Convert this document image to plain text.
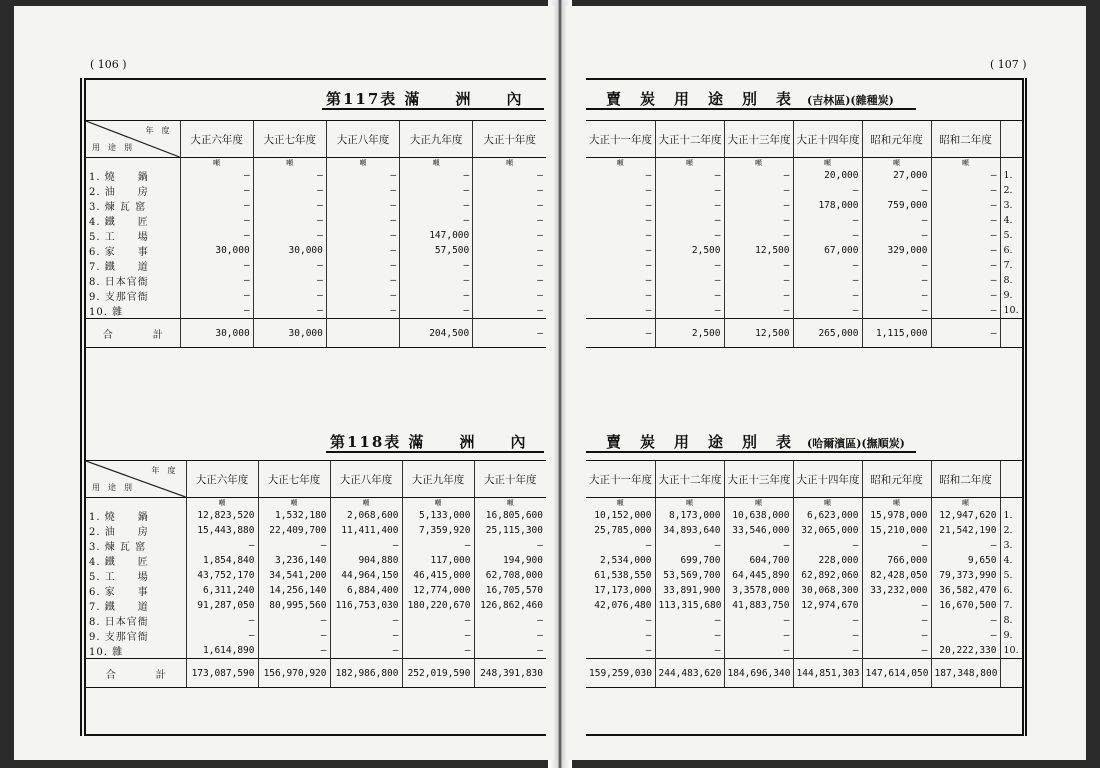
( 106 )
第117表 滿　　洲　　內
年　度
用　途　別	大正六年度	大正七年度	大正八年度	大正九年度	大正十年度
	噸	噸	噸	噸	噸
1. 燒　　鍋	—	—	—	—	—
2. 油　　房	—	—	—	—	—
3. 煉 瓦 窰	—	—	—	—	—
4. 鐵　　匠	—	—	—	—	—
5. 工　　場	—	—	—	147,000	—
6. 家　　事	30,000	30,000	—	57,500	—
7. 鐵　　道	—	—	—	—	—
8. 日本官衙	—	—	—	—	—
9. 支那官衙	—	—	—	—	—
10. 雜	—	—	—	—	—
合　　　　計	30,000	30,000		204,500	—
第118表 滿　　洲　　內
年　度
用　途　別	大正六年度	大正七年度	大正八年度	大正九年度	大正十年度
	噸	噸	噸	噸	噸
1. 燒　　鍋	12,823,520	1,532,180	2,068,600	5,133,000	16,805,600
2. 油　　房	15,443,880	22,409,700	11,411,400	7,359,920	25,115,300
3. 煉 瓦 窰	—	—	—	—	—
4. 鐵　　匠	1,854,840	3,236,140	904,880	117,000	194,900
5. 工　　場	43,752,170	34,541,200	44,964,150	46,415,000	62,708,000
6. 家　　事	6,311,240	14,256,140	6,884,400	12,774,000	16,705,570
7. 鐵　　道	91,287,050	80,995,560	116,753,030	180,220,670	126,862,460
8. 日本官衙	—	—	—	—	—
9. 支那官衙	—	—	—	—	—
10. 雜	1,614,890	—	—	—	—
合　　　　計	173,087,590	156,970,920	182,986,800	252,019,590	248,391,830
( 107 )
賣　炭　用　途　別　表 (吉林區)(雜種炭)
大正十一年度	大正十二年度	大正十三年度	大正十四年度	昭和元年度	昭和二年度	
噸	噸	噸	噸	噸	噸	
—	—	—	20,000	27,000	—	1.
—	—	—	—	—	—	2.
—	—	—	178,000	759,000	—	3.
—	—	—	—	—	—	4.
—	—	—	—	—	—	5.
—	2,500	12,500	67,000	329,000	—	6.
—	—	—	—	—	—	7.
—	—	—	—	—	—	8.
—	—	—	—	—	—	9.
—	—	—	—	—	—	10.
—	2,500	12,500	265,000	1,115,000	—	
賣　炭　用　途　別　表 (哈爾濱區)(撫順炭)
大正十一年度	大正十二年度	大正十三年度	大正十四年度	昭和元年度	昭和二年度	
噸	噸	噸	噸	噸	噸	
10,152,000	8,173,000	10,638,000	6,623,000	15,978,000	12,947,620	1.
25,785,000	34,893,640	33,546,000	32,065,000	15,210,000	21,542,190	2.
—	—	—	—	—	—	3.
2,534,000	699,700	604,700	228,000	766,000	9,650	4.
61,538,550	53,569,700	64,445,890	62,892,060	82,428,050	79,373,990	5.
17,173,000	33,891,900	3,3578,000	30,068,300	33,232,000	36,582,470	6.
42,076,480	113,315,680	41,883,750	12,974,670	—	16,670,500	7.
—	—	—	—	—	—	8.
—	—	—	—	—	—	9.
—	—	—	—	—	20,222,330	10.
159,259,030	244,483,620	184,696,340	144,851,303	147,614,050	187,348,800	
